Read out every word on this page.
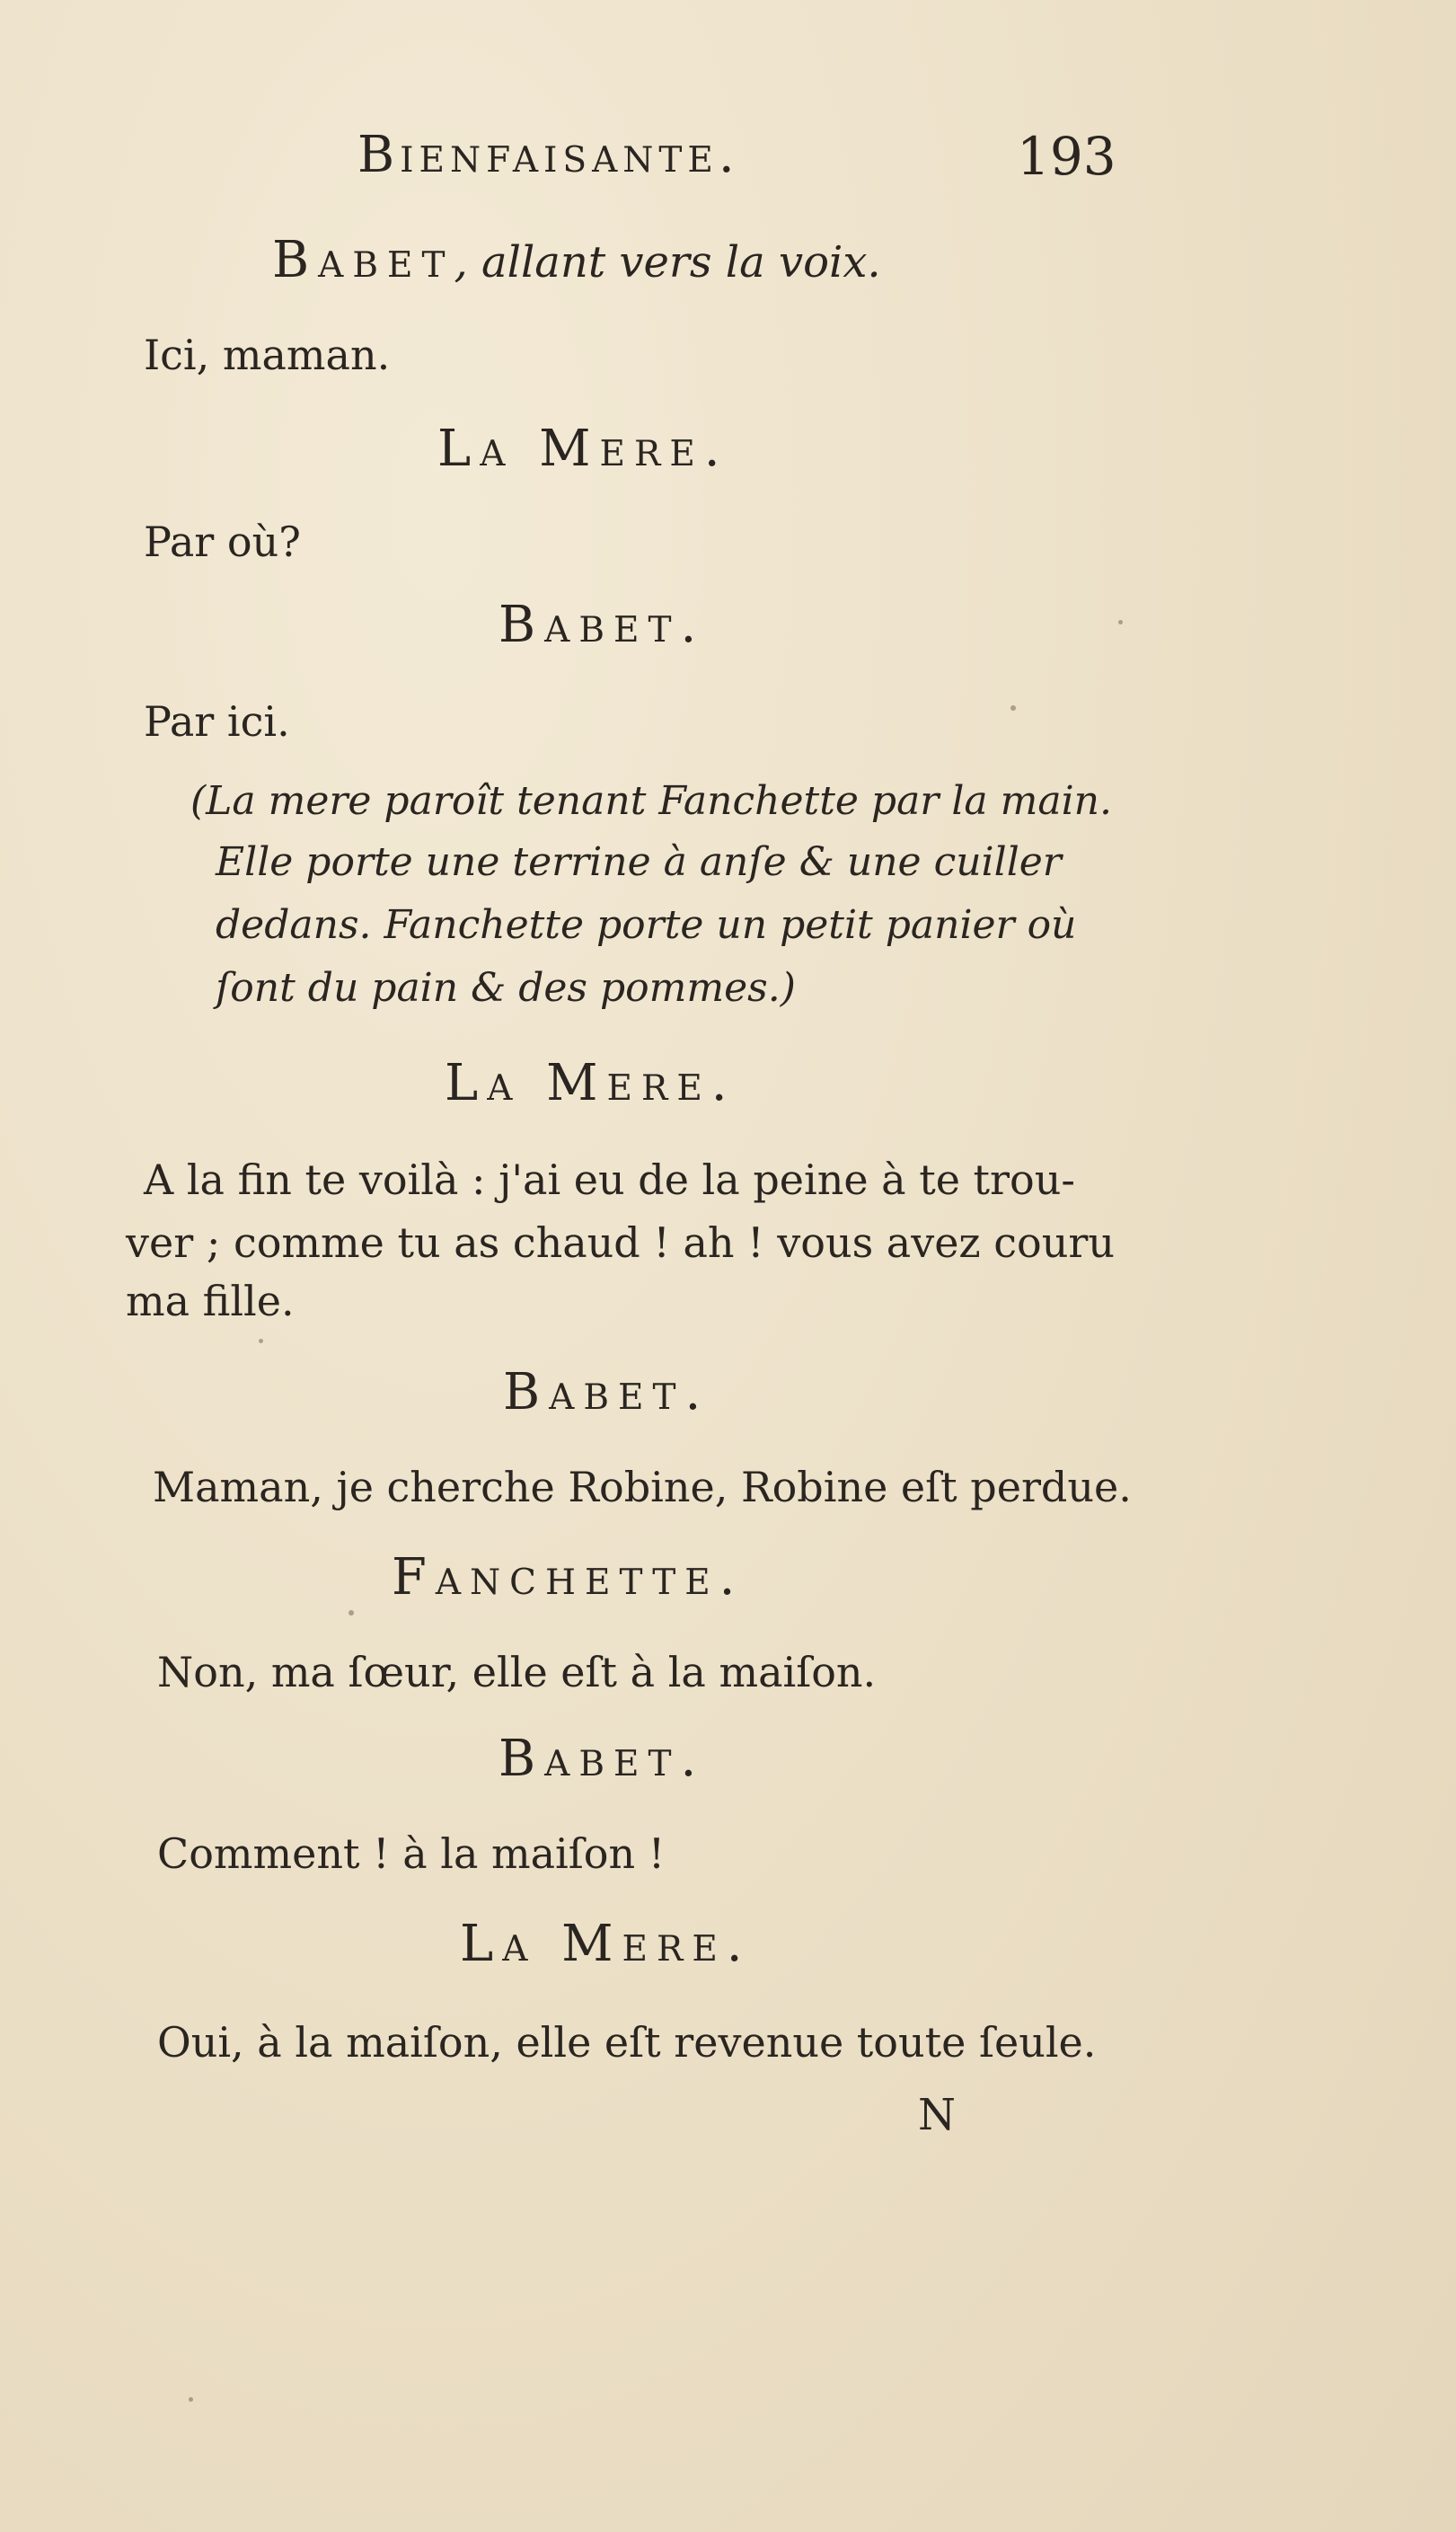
Bienfaisante.	193
Babet, allant vers la voix.
Ici, maman.
La Mere.
Par où?
Babet.
Par ici.
(La mere paroît tenant Fanchette par la main.
Elle porte une terrine à anſe & une cuiller
dedans. Fanchette porte un petit panier où
ſont du pain & des pommes.)
La Mere.
A la fin te voilà : j'ai eu de la peine à te trou-
ver ; comme tu as chaud ! ah ! vous avez couru
ma fille.
Babet.
Maman, je cherche Robine, Robine eſt perdue.
Fanchette.
Non, ma ſœur, elle eſt à la maiſon.
Babet.
Comment ! à la maiſon !
La Mere.
Oui, à la maiſon, elle eſt revenue toute ſeule.
N
